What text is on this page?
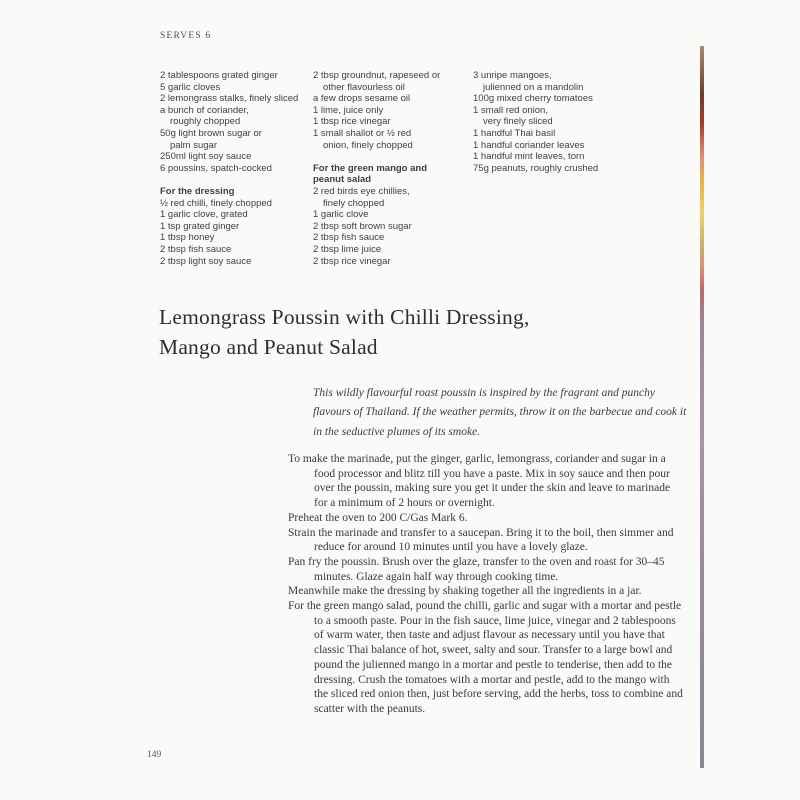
SERVES 6
2 tablespoons grated ginger
5 garlic cloves
2 lemongrass stalks, finely sliced
a bunch of coriander,
roughly chopped
50g light brown sugar or
palm sugar
250ml light soy sauce
6 poussins, spatch-cocked
For the dressing
½ red chilli, finely chopped
1 garlic clove, grated
1 tsp grated ginger
1 tbsp honey
2 tbsp fish sauce
2 tbsp light soy sauce
2 tbsp groundnut, rapeseed or
other flavourless oil
a few drops sesame oil
1 lime, juice only
1 tbsp rice vinegar
1 small shallot or ½ red
onion, finely chopped
For the green mango and
peanut salad
2 red birds eye chillies,
finely chopped
1 garlic clove
2 tbsp soft brown sugar
2 tbsp fish sauce
2 tbsp lime juice
2 tbsp rice vinegar
3 unripe mangoes,
julienned on a mandolin
100g mixed cherry tomatoes
1 small red onion,
very finely sliced
1 handful Thai basil
1 handful coriander leaves
1 handful mint leaves, torn
75g peanuts, roughly crushed
Lemongrass Poussin with Chilli Dressing,
Mango and Peanut Salad
This wildly flavourful roast poussin is inspired by the fragrant and punchy flavours of Thailand. If the weather permits, throw it on the barbecue and cook it in the seductive plumes of its smoke.

To make the marinade, put the ginger, garlic, lemongrass, coriander and sugar in a food processor and blitz till you have a paste. Mix in soy sauce and then pour over the poussin, making sure you get it under the skin and leave to marinade for a minimum of 2 hours or overnight.

Preheat the oven to 200 C/Gas Mark 6.

Strain the marinade and transfer to a saucepan. Bring it to the boil, then simmer and reduce for around 10 minutes until you have a lovely glaze.

Pan fry the poussin. Brush over the glaze, transfer to the oven and roast for 30–45 minutes. Glaze again half way through cooking time.

Meanwhile make the dressing by shaking together all the ingredients in a jar.

For the green mango salad, pound the chilli, garlic and sugar with a mortar and pestle to a smooth paste. Pour in the fish sauce, lime juice, vinegar and 2 tablespoons of warm water, then taste and adjust flavour as necessary until you have that classic Thai balance of hot, sweet, salty and sour. Transfer to a large bowl and pound the julienned mango in a mortar and pestle to tenderise, then add to the dressing. Crush the tomatoes with a mortar and pestle, add to the mango with the sliced red onion then, just before serving, add the herbs, toss to combine and scatter with the peanuts.

149
